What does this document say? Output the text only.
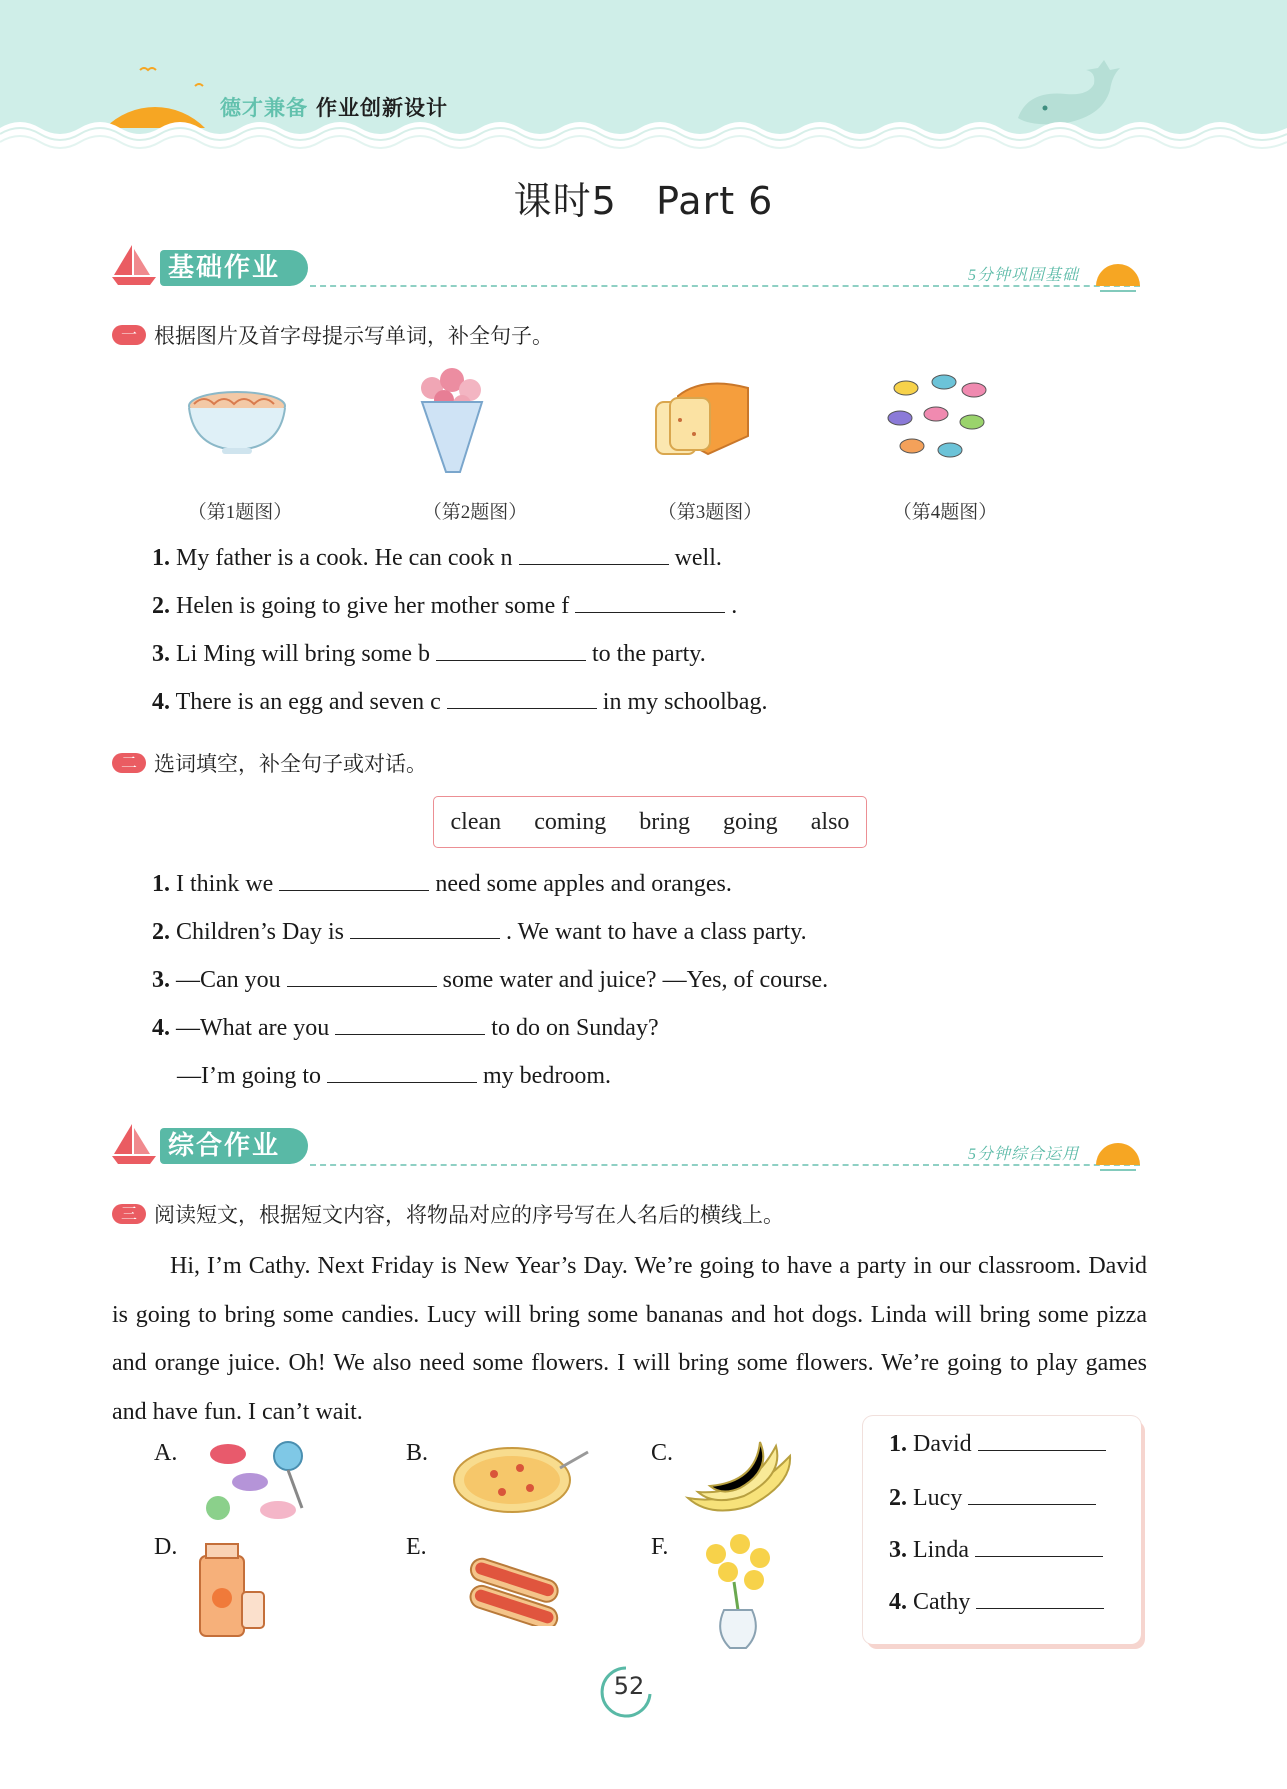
德才兼备 作业创新设计
课时5   Part 6
基础作业	5分钟巩固基础
一 根据图片及首字母提示写单词，补全句子。
（第1题图）	（第2题图）	（第3题图）	（第4题图）
1. My father is a cook. He can cook n	well.
2. Helen is going to give her mother some f	.
3. Li Ming will bring some b	to the party.
4. There is an egg and seven c	in my schoolbag.
二 选词填空，补全句子或对话。
clean coming bring going also
1. I think we	need some apples and oranges.
2. Children’s Day is	. We want to have a class party.
3. —Can you	some water and juice? —Yes, of course.
4. —What are you	to do on Sunday?
—I’m going to	my bedroom.
综合作业	5分钟综合运用
三 阅读短文，根据短文内容，将物品对应的序号写在人名后的横线上。
Hi, I’m Cathy. Next Friday is New Year’s Day. We’re going to have a party in our classroom. David is going to bring some candies. Lucy will bring some bananas and hot dogs. Linda will bring some pizza and orange juice. Oh! We also need some flowers. I will bring some flowers. We’re going to play games and have fun. I can’t wait.
A.	B.	C.
D.	E.	F.
1. David
2. Lucy
3. Linda
4. Cathy
52
